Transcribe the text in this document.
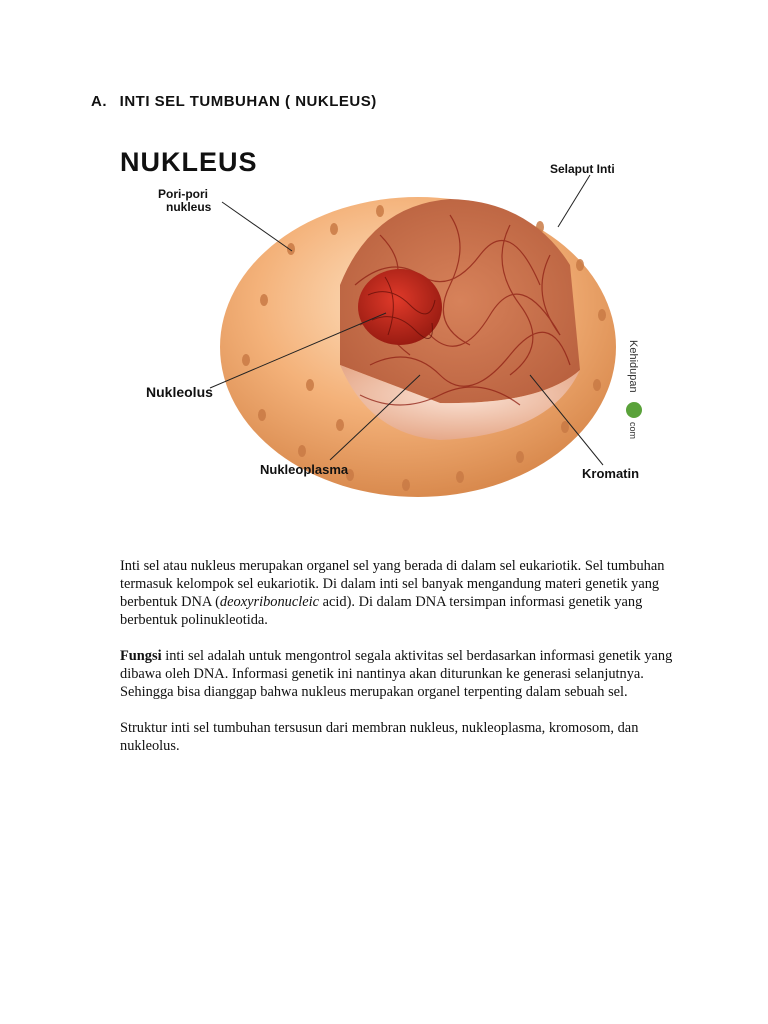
A. INTI SEL TUMBUHAN ( NUKLEUS)
NUKLEUS
Pori-pori nukleus
Selaput Inti
Nukleolus
Nukleoplasma	Kromatin
Kehidupan
com

Inti sel atau nukleus merupakan organel sel yang berada di dalam sel eukariotik. Sel tumbuhan termasuk kelompok sel eukariotik. Di dalam inti sel banyak mengandung materi genetik yang berbentuk DNA (deoxyribonucleic acid). Di dalam DNA tersimpan informasi genetik yang berbentuk polinukleotida.

Fungsi inti sel adalah untuk mengontrol segala aktivitas sel berdasarkan informasi genetik yang dibawa oleh DNA. Informasi genetik ini nantinya akan diturunkan ke generasi selanjutnya. Sehingga bisa dianggap bahwa nukleus merupakan organel terpenting dalam sebuah sel.

Struktur inti sel tumbuhan tersusun dari membran nukleus, nukleoplasma, kromosom, dan nukleolus.
